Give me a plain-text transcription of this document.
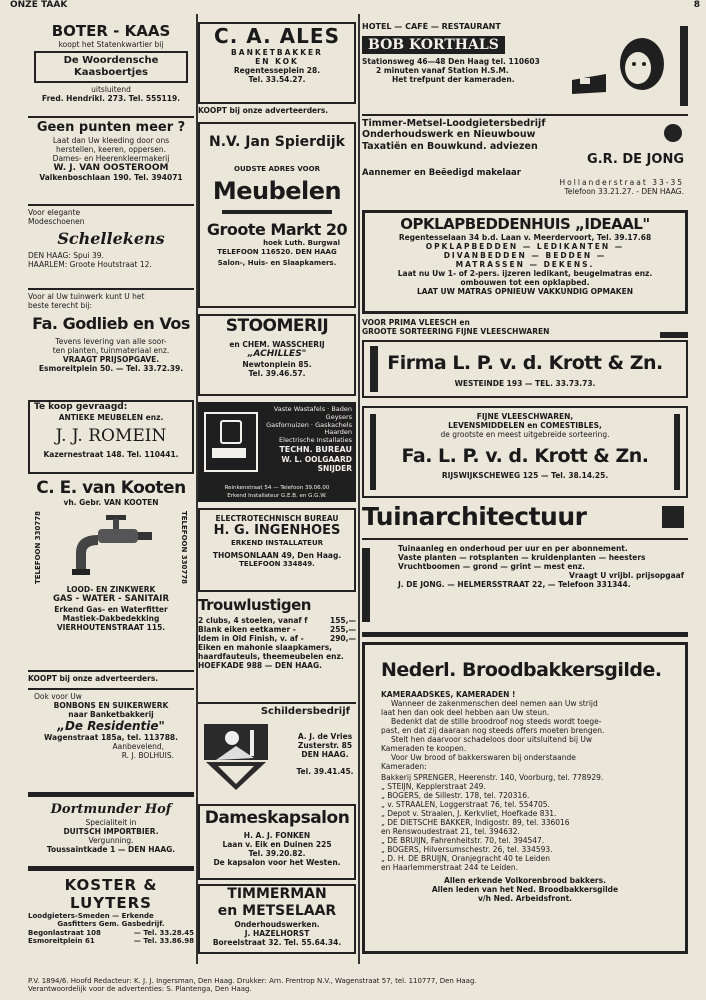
ONZE TAAK	8
BOTER - KAAS
koopt het Statenkwartier bij
De Woordensche Kaasboertjes
uitsluitend
Fred. Hendrikl. 273. Tel. 555119.
Geen punten meer ?
Laat dan Uw kleeding door ons
herstellen, keeren, oppersen.
Dames- en Heerenkleermakerij
W. J. VAN OOSTEROOM
Valkenboschlaan 190. Tel. 394071
Voor elegante
Modeschoenen
Schellekens
DEN HAAG: Spui 39.
HAARLEM: Groote Houtstraat 12.
Voor al Uw tuinwerk kunt U het
beste terecht bij:
Fa. Godlieb en Vos
Tevens levering van alle soor-
ten planten, tuinmateriaal enz.
VRAAGT PRIJSOPGAVE.
Esmoreitplein 50. — Tel. 33.72.39.
Te koop gevraagd:
ANTIEKE MEUBELEN enz.
J. J. ROMEIN
Kazernestraat 148. Tel. 110441.
C. E. van Kooten
vh. Gebr. VAN KOOTEN
TELEFOON 330778	TELEFOON 330778
LOOD- EN ZINKWERK
GAS - WATER - SANITAIR
Erkend Gas- en Waterfitter
Mastiek-Dakbedekking
VIERHOUTENSTRAAT 115.
KOOPT bij onze adverteerders.
Ook voor Uw
BONBONS EN SUIKERWERK
naar Banketbakkerij
„De Residentie"
Wagenstraat 185a, tel. 113788.
Aanbevelend,
R. J. BOLHUIS.
Dortmunder Hof
Specialiteit in
DUITSCH IMPORTBIER.
Vergunning.
Toussaintkade 1 — DEN HAAG.
KOSTER &
LUYTERS
Loodgieters-Smeden — Erkende
Gasfitters Gem. Gasbedrijf.
Begonlastraat 108	— Tel. 33.28.45
Esmoreitplein 61	— Tel. 33.86.98
C. A. ALES
BANKETBAKKER
EN KOK
Regentesseplein 28.
Tel. 33.54.27.
KOOPT bij onze adverteerders.
N.V. Jan Spierdijk
OUDSTE ADRES VOOR
Meubelen
Groote Markt 20
hoek Luth. Burgwal
TELEFOON 116520. DEN HAAG
Salon-, Huis- en Slaapkamers.
STOOMERIJ
en CHEM. WASSCHERIJ
„ACHILLES"
Newtonplein 85.
Tel. 39.46.57.
Vaste Wastafels · Baden
Geysers
Gasfornuizen · Gaskachels
Haarden
Electrische Installaties
TECHN. BUREAU
W. L. OOLGAARD SNIJDER
Reinkenstraat 54 — Telefoon 39.06.00
Erkend Installateur G.E.B. en G.G.W.
ELECTROTECHNISCH BUREAU
H. G. INGENHOES
ERKEND INSTALLATEUR
THOMSONLAAN 49, Den Haag.
TELEFOON 334849.
Trouwlustigen
2 clubs, 4 stoelen, vanaf f	155,—
Blank eiken eetkamer -	255,—
Idem in Old Finish, v. af -	290,—
Eiken en mahonie slaapkamers,
haardfauteuls, theemeubelen enz.
HOEFKADE 988 — DEN HAAG.
Schildersbedrijf
A. J. de Vries
Zusterstr. 85
DEN HAAG.
Tel. 39.41.45.
Dameskapsalon
H. A. J. FONKEN
Laan v. Eik en Duinen 225
Tel. 39.20.82.
De kapsalon voor het Westen.
TIMMERMAN
en METSELAAR
Onderhoudswerken.
J. HAZELHORST
Boreelstraat 32. Tel. 55.64.34.
HOTEL — CAFÉ — RESTAURANT
BOB KORTHALS
Stationsweg 46—48 Den Haag tel. 110603
2 minuten vanaf Station H.S.M.
Het trefpunt der kameraden.
Timmer-Metsel-Loodgietersbedrijf
Onderhoudswerk en Nieuwbouw
Taxatiën en Bouwkund. adviezen
G.R. DE JONG
Aannemer en Beëedigd makelaar
Hollanderstraat 33-35
Telefoon 33.21.27. - DEN HAAG.
OPKLAPBEDDENHUIS „IDEAAL"
Regentesselaan 34 b.d. Laan v. Meerdervoort, Tel. 39.17.68
OPKLAPBEDDEN — LEDIKANTEN —
DIVANBEDDEN — BEDDEN —
MATRASSEN — DEKENS.
Laat nu Uw 1- of 2-pers. ijzeren ledikant, beugelmatras enz.
ombouwen tot een opklapbed.
LAAT UW MATRAS OPNIEUW VAKKUNDIG OPMAKEN
VOOR PRIMA VLEESCH en
GROOTE SORTEERING FIJNE VLEESCHWAREN
Firma L. P. v. d. Krott & Zn.
WESTEINDE 193 — TEL. 33.73.73.
FIJNE VLEESCHWAREN,
LEVENSMIDDELEN en COMESTIBLES,
de grootste en meest uitgebreide sorteering.
Fa. L. P. v. d. Krott & Zn.
RIJSWIJKSCHEWEG 125 — Tel. 38.14.25.
Tuinarchitectuur
Tuinaanleg en onderhoud per uur en per abonnement.
Vaste planten — rotsplanten — kruidenplanten — heesters
Vruchtboomen — grond — grint — mest enz.
Vraagt U vrijbl. prijsopgaaf
J. DE JONG. — HELMERSSTRAAT 22, — Telefoon 331344.
Nederl. Broodbakkersgilde.
KAMERAADSKES, KAMERADEN !
Wanneer de zakenmenschen deel nemen aan Uw strijd
laat hen dan ook deel hebben aan Uw steun.
Bedenkt dat de stille broodroof nog steeds wordt toege-
past, en dat zij daaraan nog steeds offers moeten brengen.
Stelt hen daarvoor schadeloos door uitsluitend bij Uw
Kameraden te koopen.
Voor Uw brood of bakkerswaren bij onderstaande
Kameraden:
Bakkerij SPRENGER, Heerenstr. 140, Voorburg, tel. 778929.
„ STEIJN, Kepplerstraat 249.
„ BOGERS, de Sillestr. 178, tel. 720316.
„ v. STRAALEN, Loggerstraat 76, tel. 554705.
„ Depot v. Straalen, J. Kerkvliet, Hoefkade 831.
„ DE DIETSCHE BAKKER, Indigostr. 89, tel. 336016
en Renswoudestraat 21, tel. 394632.
„ DE BRUIJN, Fahrenheitstr. 70, tel. 394547.
„ BOGERS, Hilversumschestr. 26, tel. 334593.
„ D. H. DE BRUIJN, Oranjegracht 40 te Leiden
en Haarlemmerstraat 244 te Leiden.
Allen erkende Volkorenbrood bakkers.
Allen leden van het Ned. Broodbakkersgilde
v/h Ned. Arbeidsfront.
P.V. 1894/6. Hoofd Redacteur: K. J. J. Ingersman, Den Haag. Drukker: Arn. Frentrop N.V., Wagenstraat 57, tel. 110777, Den Haag.
Verantwoordelijk voor de advertenties: S. Plantenga, Den Haag.
